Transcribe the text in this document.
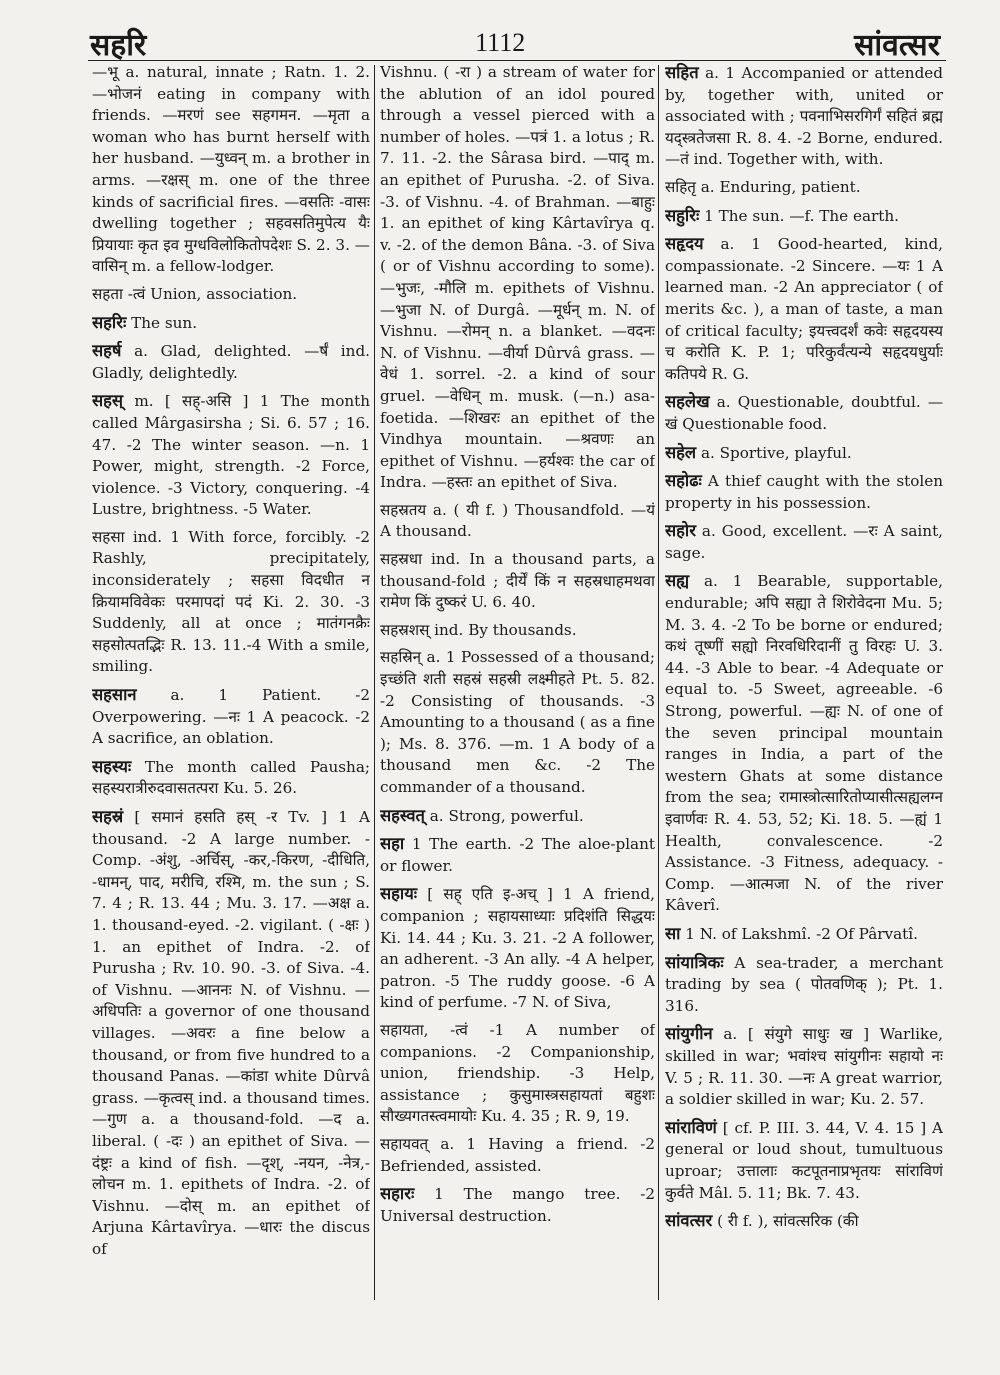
सहरि	1112	सांवत्सर

—भू a. natural, innate ; Ratn. 1. 2. —भोजनं eating in company with friends. —मरणं see सहगमन. —मृता a woman who has burnt herself with her husband. —युध्वन् m. a brother in arms. —रक्षस् m. one of the three kinds of sacrificial fires. —वसतिः -वासः dwelling together ; सहवसतिमुपेत्य यैः प्रियायाः कृत इव मुग्धविलोकितोपदेशः S. 2. 3. —वासिन् m. a fellow-lodger.

सहता -त्वं Union, association.

सहरिः The sun.

सहर्ष a. Glad, delighted. —र्षं ind. Gladly, delightedly.

सहस् m. [ सह्-असि ] 1 The month called Mârgasirsha ; Si. 6. 57 ; 16. 47. -2 The winter season. —n. 1 Power, might, strength. -2 Force, violence. -3 Victory, conquering. -4 Lustre, brightness. -5 Water.

सहसा ind. 1 With force, forcibly. -2 Rashly, precipitately, inconsiderately ; सहसा विदधीत न क्रियामविवेकः परमापदां पदं Ki. 2. 30. -3 Suddenly, all at once ; मातंगनक्रैः सहसोत्पतद्भिः R. 13. 11.-4 With a smile, smiling.

सहसान a. 1 Patient. -2 Overpowering. —नः 1 A peacock. -2 A sacrifice, an oblation.

सहस्यः The month called Pausha; सहस्यरात्रीरुदवासतत्परा Ku. 5. 26.

सहस्रं [ समानं हसति हस् -र Tv. ] 1 A thousand. -2 A large number. -Comp. -अंशु, -अर्चिस्, -कर,-किरण, -दीधिति, -धामन्, पाद, मरीचि, रश्मि, m. the sun ; S. 7. 4 ; R. 13. 44 ; Mu. 3. 17. —अक्ष a. 1. thousand-eyed. -2. vigilant. ( -क्षः ) 1. an epithet of Indra. -2. of Purusha ; Rv. 10. 90. -3. of Siva. -4. of Vishnu. —आननः N. of Vishnu. —अधिपतिः a governor of one thousand villages. —अवरः a fine below a thousand, or from five hundred to a thousand Panas. —कांडा white Dûrvâ grass. —कृत्वस् ind. a thousand times. —गुण a. a thousand-fold. —द a. liberal. ( -दः ) an epithet of Siva. —दंष्ट्रः a kind of fish. —दृश्, -नयन, -नेत्र,-लोचन m. 1. epithets of Indra. -2. of Vishnu. —दोस् m. an epithet of Arjuna Kârtavîrya. —धारः the discus of

Vishnu. ( -रा ) a stream of water for the ablution of an idol poured through a vessel pierced with a number of holes. —पत्रं 1. a lotus ; R. 7. 11. -2. the Sârasa bird. —पाद् m. an epithet of Purusha. -2. of Siva. -3. of Vishnu. -4. of Brahman. —बाहुः 1. an epithet of king Kârtavîrya q. v. -2. of the demon Bâna. -3. of Siva ( or of Vishnu according to some). —भुजः, -मौलि m. epithets of Vishnu. —भुजा N. of Durgâ. —मूर्धन् m. N. of Vishnu. —रोमन् n. a blanket. —वदनः N. of Vishnu. —वीर्या Dûrvâ grass. —वेधं 1. sorrel. -2. a kind of sour gruel. —वेधिन् m. musk. (—n.) asa-foetida. —शिखरः an epithet of the Vindhya mountain. —श्रवणः an epithet of Vishnu. —हर्यश्वः the car of Indra. —हस्तः an epithet of Siva.

सहस्रतय a. ( यी f. ) Thousandfold. —यं A thousand.

सहस्रधा ind. In a thousand parts, a thousand-fold ; दीर्यें किं न सहस्रधाहमथवा रामेण किं दुष्करं U. 6. 40.

सहस्रशस् ind. By thousands.

सहस्रिन् a. 1 Possessed of a thousand; इच्छंति शती सहस्रं सहस्री लक्ष्मीहते Pt. 5. 82. -2 Consisting of thousands. -3 Amounting to a thousand ( as a fine ); Ms. 8. 376. —m. 1 A body of a thousand men &c. -2 The commander of a thousand.

सहस्वत् a. Strong, powerful.

सहा 1 The earth. -2 The aloe-plant or flower.

सहायः [ सह् एति इ-अच् ] 1 A friend, companion ; सहायसाध्याः प्रदिशंति सिद्धयः Ki. 14. 44 ; Ku. 3. 21. -2 A follower, an adherent. -3 An ally. -4 A helper, patron. -5 The ruddy goose. -6 A kind of perfume. -7 N. of Siva,

सहायता, -त्वं -1 A number of companions. -2 Companionship, union, friendship. -3 Help, assistance ; कुसुमास्त्रसहायतां बहुशः सौख्यगतस्त्वमायोः Ku. 4. 35 ; R. 9, 19.

सहायवत् a. 1 Having a friend. -2 Befriended, assisted.

सहारः 1 The mango tree. -2 Universal destruction.

सहित a. 1 Accompanied or attended by, together with, united or associated with ; पवनाभिसरगिर्गं सहितं ब्रह्म यद्स्त्रतेजसा R. 8. 4. -2 Borne, endured. —तं ind. Together with, with.

सहितृ a. Enduring, patient.

सहुरिः 1 The sun. —f. The earth.

सहृदय a. 1 Good-hearted, kind, compassionate. -2 Sincere. —यः 1 A learned man. -2 An appreciator ( of merits &c. ), a man of taste, a man of critical faculty; इयत्त्वदर्शं कवेः सहृदयस्य च करोति K. P. 1; परिकुर्वंत्यन्ये सहृदयधुर्याः कतिपये R. G.

सहलेख a. Questionable, doubtful. —खं Questionable food.

सहेल a. Sportive, playful.

सहोढः A thief caught with the stolen property in his possession.

सहोर a. Good, excellent. —रः A saint, sage.

सह्य a. 1 Bearable, supportable, endurable; अपि सह्या ते शिरोवेदना Mu. 5; M. 3. 4. -2 To be borne or endured; कथं तूष्णीं सह्यो निरवधिरिदानीं तु विरहः U. 3. 44. -3 Able to bear. -4 Adequate or equal to. -5 Sweet, agreeable. -6 Strong, powerful. —ह्यः N. of one of the seven principal mountain ranges in India, a part of the western Ghats at some distance from the sea; रामास्त्रोत्सारितोप्यासीत्सह्यलग्न इवार्णवः R. 4. 53, 52; Ki. 18. 5. —ह्यं 1 Health, convalescence. -2 Assistance. -3 Fitness, adequacy. -Comp. —आत्मजा N. of the river Kâverî.

सा 1 N. of Lakshmî. -2 Of Pârvatî.

सांयात्रिकः A sea-trader, a merchant trading by sea ( पोतवणिक् ); Pt. 1. 316.

सांयुगीन a. [ संयुगे साधुः ख ] Warlike, skilled in war; भवांश्च सांयुगीनः सहायो नः V. 5 ; R. 11. 30. —नः A great warrior, a soldier skilled in war; Ku. 2. 57.

सांराविणं [ cf. P. III. 3. 44, V. 4. 15 ] A general or loud shout, tumultuous uproar; उत्तालाः कटपूतनाप्रभृतयः सांराविणं कुर्वते Mâl. 5. 11; Bk. 7. 43.

सांवत्सर ( री f. ), सांवत्सरिक (की
